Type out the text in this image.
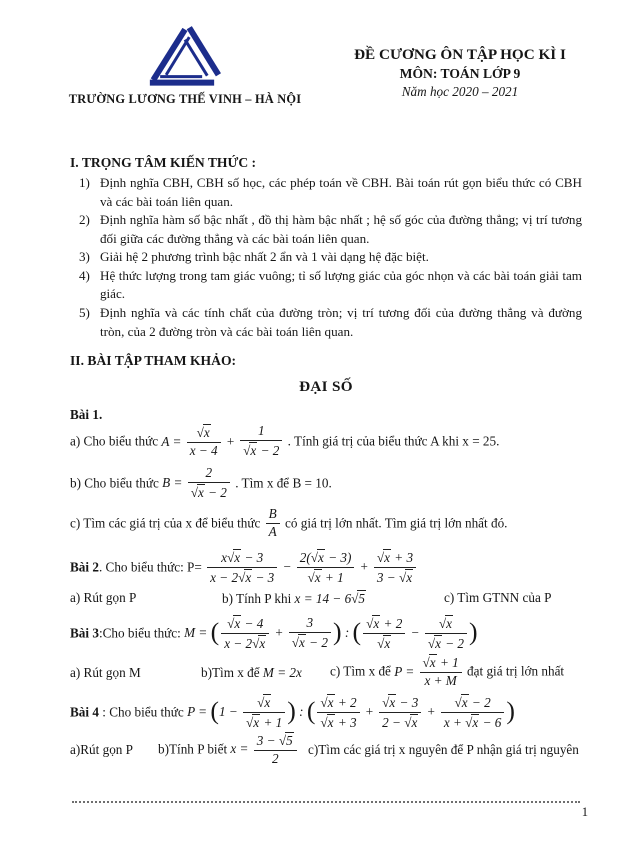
TRƯỜNG LƯƠNG THẾ VINH – HÀ NỘI
ĐỀ CƯƠNG ÔN TẬP HỌC KÌ I
MÔN: TOÁN LỚP 9
Năm học 2020 – 2021
I. TRỌNG TÂM KIẾN THỨC :
Định nghĩa CBH, CBH số học, các phép toán về CBH. Bài toán rút gọn biểu thức có CBH và các bài toán liên quan.
Định nghĩa hàm số bậc nhất , đồ thị hàm bậc nhất ; hệ số góc của đường thẳng; vị trí tương đối giữa các đường thẳng và các bài toán liên quan.
Giải hệ 2 phương trình bậc nhất 2 ẩn và 1 vài dạng hệ đặc biệt.
Hệ thức lượng trong tam giác vuông; tỉ số lượng giác của góc nhọn và các bài toán giải tam giác.
Định nghĩa và các tính chất của đường tròn; vị trí tương đối của đường thẳng và đường tròn, của 2 đường tròn và các bài toán liên quan.
II. BÀI TẬP THAM KHẢO:
ĐẠI SỐ
Bài 1.

a) Cho biểu thức $A = \frac{√x}{x - 4} + \frac{1}{√x - 2}$ . Tính giá trị của biểu thức A khi x = 25.

b) Cho biểu thức $B = \frac{2}{√x - 2}$ . Tìm x để B = 10.

c) Tìm các giá trị của x để biểu thức $\frac{B}{A}$ có giá trị lớn nhất. Tìm giá trị lớn nhất đó.

Bài 2. Cho biểu thức: $P= \frac{x√x - 3}{x - 2√x - 3} - \frac{2(√x - 3)}{√x + 1} + \frac{√x + 3}{3 - √x}$

a) Rút gọn P	b) Tính P khi x = 14 − 6√5	c) Tìm GTNN của P

Bài 3:Cho biểu thức: M = ( $\frac{√x - 4}{x - 2√x} + \frac{3}{√x - 2}$ ) : ( $\frac{√x + 2}{√x} - \frac{√x}{√x - 2}$ )

a) Rút gọn M	b)Tìm x để M = 2x	c) Tìm x để $P = \frac{√x + 1}{x + M}$ đạt giá trị lớn nhất

Bài 4 : Cho biểu thức $P = (1 - \frac{√x}{√x + 1}$ ) : ( $\frac{√x + 2}{√x + 3} + \frac{√x - 3}{2 - √x} + \frac{√x - 2}{x + √x - 6}$ )

a)Rút gọn P	b)Tính P biết $x = \frac{3 - √5}{2}$ c)Tìm các giá trị x nguyên để P nhận giá trị nguyên
1
